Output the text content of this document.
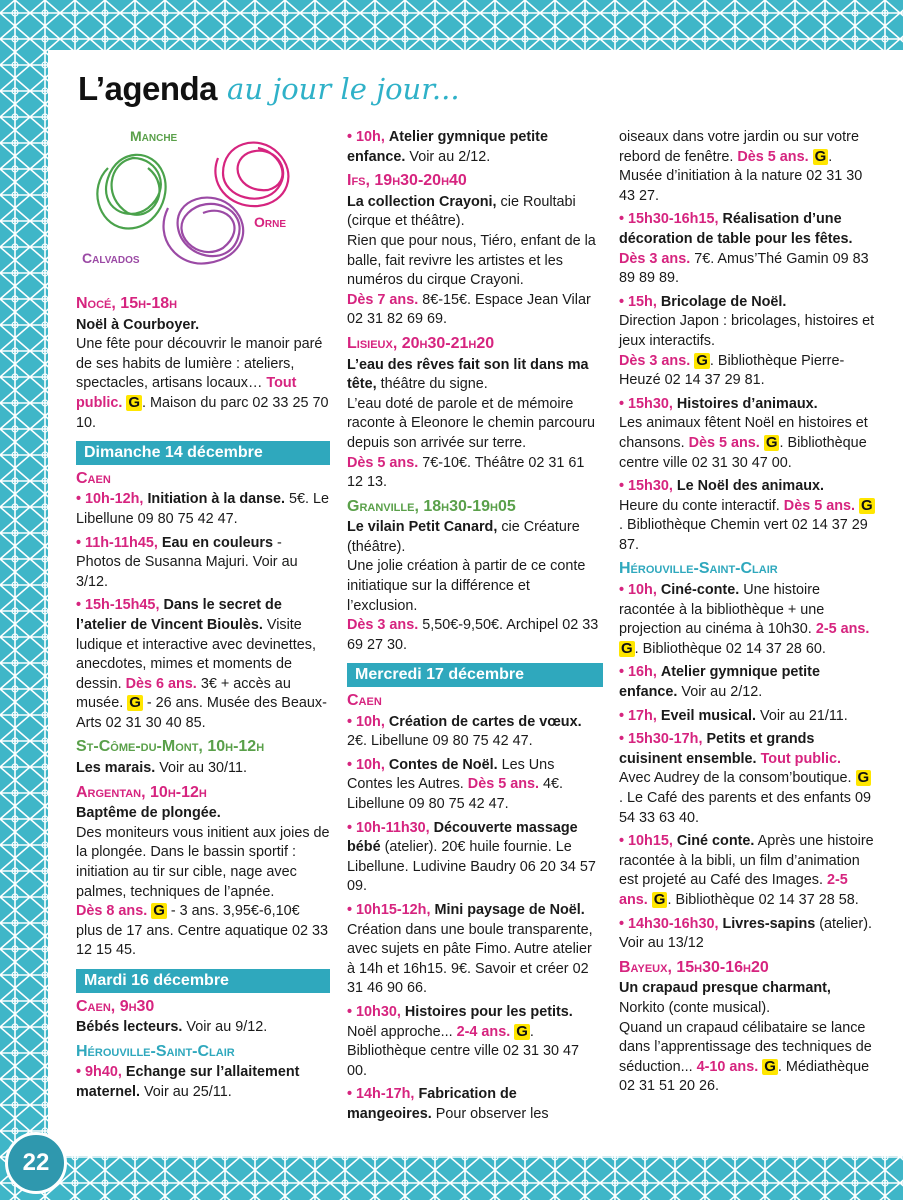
L’agenda au jour le jour...
Manche
Orne
Calvados
Nocé, 15h-18h
Noël à Courboyer.
Une fête pour découvrir le manoir paré de ses habits de lumière : ateliers, spectacles, artisans locaux… Tout public. G . Maison du parc 02 33 25 70 10.
Dimanche 14 décembre
Caen
• 10h-12h, Initiation à la danse. 5€. Le Libellune 09 80 75 42 47.
• 11h-11h45, Eau en couleurs - Photos de Susanna Majuri. Voir au 3/12.
• 15h-15h45, Dans le secret de l’atelier de Vincent Bioulès. Visite ludique et interactive avec devinettes, anecdotes, mimes et moments de dessin. Dès 6 ans. 3€ + accès au musée. G - 26 ans. Musée des Beaux-Arts 02 31 30 40 85.
St-Côme-du-Mont, 10h-12h
Les marais. Voir au 30/11.
Argentan, 10h-12h
Baptême de plongée.
Des moniteurs vous initient aux joies de la plongée. Dans le bassin sportif : initiation au tir sur cible, nage avec palmes, techniques de l’apnée.
Dès 8 ans. G - 3 ans. 3,95€-6,10€ plus de 17 ans. Centre aquatique 02 33 12 15 45.
Mardi 16 décembre
Caen, 9h30
Bébés lecteurs. Voir au 9/12.
Hérouville-Saint-Clair
• 9h40, Echange sur l’allaitement maternel. Voir au 25/11.
• 10h, Atelier gymnique petite enfance. Voir au 2/12.
Ifs, 19h30-20h40
La collection Crayoni, cie Roultabi (cirque et théâtre).
Rien que pour nous, Tiéro, enfant de la balle, fait revivre les artistes et les numéros du cirque Crayoni.
Dès 7 ans. 8€-15€. Espace Jean Vilar 02 31 82 69 69.
Lisieux, 20h30-21h20
L’eau des rêves fait son lit dans ma tête, théâtre du signe.
L’eau doté de parole et de mémoire raconte à Eleonore le chemin parcouru depuis son arrivée sur terre.
Dès 5 ans. 7€-10€. Théâtre 02 31 61 12 13.
Granville, 18h30-19h05
Le vilain Petit Canard, cie Créature (théâtre).
Une jolie création à partir de ce conte initiatique sur la différence et l’exclusion.
Dès 3 ans. 5,50€-9,50€. Archipel 02 33 69 27 30.
Mercredi 17 décembre
Caen
• 10h, Création de cartes de vœux. 2€. Libellune 09 80 75 42 47.
• 10h, Contes de Noël. Les Uns Contes les Autres. Dès 5 ans. 4€. Libellune 09 80 75 42 47.
• 10h-11h30, Découverte massage bébé (atelier). 20€ huile fournie. Le Libellune. Ludivine Baudry 06 20 34 57 09.
• 10h15-12h, Mini paysage de Noël. Création dans une boule transparente, avec sujets en pâte Fimo. Autre atelier à 14h et 16h15. 9€. Savoir et créer 02 31 46 90 66.
• 10h30, Histoires pour les petits. Noël approche... 2-4 ans. G . Bibliothèque centre ville 02 31 30 47 00.
• 14h-17h, Fabrication de mangeoires. Pour observer les
oiseaux dans votre jardin ou sur votre rebord de fenêtre. Dès 5 ans. G . Musée d’initiation à la nature 02 31 30 43 27.
• 15h30-16h15, Réalisation d’une décoration de table pour les fêtes. Dès 3 ans. 7€. Amus’Thé Gamin 09 83 89 89 89.
• 15h, Bricolage de Noël.
Direction Japon : bricolages, histoires et jeux interactifs.
Dès 3 ans. G . Bibliothèque Pierre-Heuzé 02 14 37 29 81.
• 15h30, Histoires d’animaux.
Les animaux fêtent Noël en histoires et chansons. Dès 5 ans. G . Bibliothèque centre ville 02 31 30 47 00.
• 15h30, Le Noël des animaux.
Heure du conte interactif. Dès 5 ans. G. Bibliothèque Chemin vert 02 14 37 29 87.
Hérouville-Saint-Clair
• 10h, Ciné-conte. Une histoire racontée à la bibliothèque + une projection au cinéma à 10h30. 2-5 ans. G . Bibliothèque 02 14 37 28 60.
• 16h, Atelier gymnique petite enfance. Voir au 2/12.
• 17h, Eveil musical. Voir au 21/11.
• 15h30-17h, Petits et grands cuisinent ensemble. Tout public. Avec Audrey de la consom’boutique. G. Le Café des parents et des enfants 09 54 33 63 40.
• 10h15, Ciné conte. Après une histoire racontée à la bibli, un film d’animation est projeté au Café des Images. 2-5 ans. G . Bibliothèque 02 14 37 28 58.
• 14h30-16h30, Livres-sapins (atelier). Voir au 13/12
Bayeux, 15h30-16h20
Un crapaud presque charmant,
Norkito (conte musical).
Quand un crapaud célibataire se lance dans l’apprentissage des techniques de séduction... 4-10 ans. G . Médiathèque 02 31 51 20 26.
22
